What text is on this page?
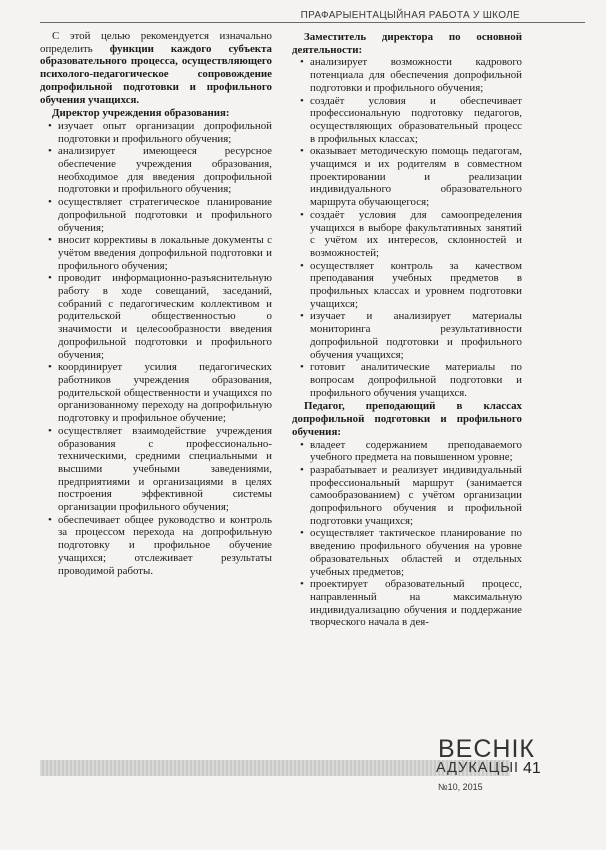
ПРАФАРЫЕНТАЦЫЙНАЯ РАБОТА У ШКОЛЕ

С этой целью рекомендуется изначально определить функции каждого субъекта образовательного процесса, осуществляющего психолого-педагогическое сопровождение допрофильной подготовки и профильного обучения учащихся.

Директор учреждения образования:

• изучает опыт организации допрофильной подготовки и профильного обучения;
• анализирует имеющееся ресурсное обеспечение учреждения образования, необходимое для введения допрофильной подготовки и профильного обучения;
• осуществляет стратегическое планирование допрофильной подготовки и профильного обучения;
• вносит коррективы в локальные документы с учётом введения допрофильной подготовки и профильного обучения;
• проводит информационно-разъяснительную работу в ходе совещаний, заседаний, собраний с педагогическим коллективом и родительской общественностью о значимости и целесообразности введения допрофильной подготовки и профильного обучения;
• координирует усилия педагогических работников учреждения образования, родительской общественности и учащихся по организованному переходу на допрофильную подготовку и профильное обучение;
• осуществляет взаимодействие учреждения образования с профессионально-техническими, средними специальными и высшими учебными заведениями, предприятиями и организациями в целях построения эффективной системы организации профильного обучения;
• обеспечивает общее руководство и контроль за процессом перехода на допрофильную подготовку и профильное обучение учащихся; отслеживает результаты проводимой работы.

Заместитель директора по основной деятельности:

• анализирует возможности кадрового потенциала для обеспечения допрофильной подготовки и профильного обучения;
• создаёт условия и обеспечивает профессиональную подготовку педагогов, осуществляющих образовательный процесс в профильных классах;
• оказывает методическую помощь педагогам, учащимся и их родителям в совместном проектировании и реализации индивидуального образовательного маршрута обучающегося;
• создаёт условия для самоопределения учащихся в выборе факультативных занятий с учётом их интересов, склонностей и возможностей;
• осуществляет контроль за качеством преподавания учебных предметов в профильных классах и уровнем подготовки учащихся;
• изучает и анализирует материалы мониторинга результативности допрофильной подготовки и профильного обучения учащихся;
• готовит аналитические материалы по вопросам допрофильной подготовки и профильного обучения учащихся.

Педагог, преподающий в классах допрофильной подготовки и профильного обучения:

• владеет содержанием преподаваемого учебного предмета на повышенном уровне;
• разрабатывает и реализует индивидуальный профессиональный маршрут (занимается самообразованием) с учётом организации допрофильного обучения и профильной подготовки учащихся;
• осуществляет тактическое планирование по введению профильного обучения на уровне образовательных областей и отдельных учебных предметов;
• проектирует образовательный процесс, направленный на максимальную индивидуализацию обучения и поддержание творческого начала в дея-
ВЕСНІК
АДУКАЦЫІ 41
№10, 2015
